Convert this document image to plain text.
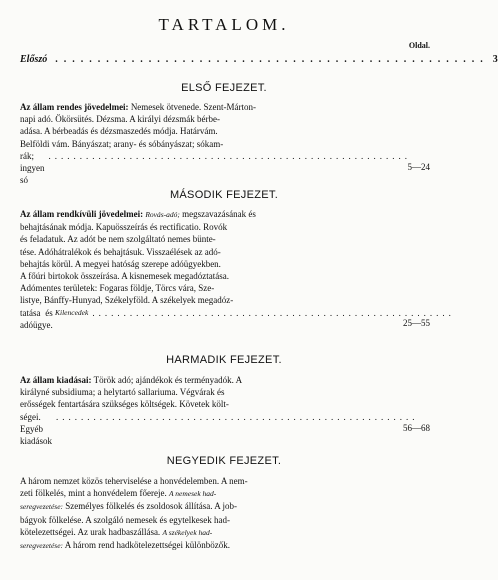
TARTALOM.
Oldal.
Előszó ................................................... 3
ELSŐ FEJEZET.
Az állam rendes jövedelmei: Nemesek ötvenede. Szent-Márton-
napi adó. Ökörsütés. Dézsma. A királyi dézsmák bérbe-
adása. A bérbeadás és dézsmaszedés módja. Határvám.
Belföldi vám. Bányászat; arany- és sóbányászat; sókam-
rák; ingyen só
..........................................................
5—24
MÁSODIK FEJEZET.
Az állam rendkívüli jövedelmei: Rovás-adó; megszavazásának és
behajtásának módja. Kapuösszeírás és rectificatio. Rovók
és feladatuk. Az adót be nem szolgáltató nemes bünte-
tése. Adóhátralékok és behajtásuk. Visszaélések az adó-
behajtás körül. A megyei hatóság szerepe adóügyekben.
A főúri birtokok összeírása. A kisnemesek megadóztatása.
Adómentes területek: Fogaras földje, Törcs vára, Sze-
listye, Bánffy-Hunyad, Székelyföld. A székelyek megadóz-
tatása és adóügye.

Kilencedek ..........................................................
25—55
HARMADIK FEJEZET.
Az állam kiadásai: Török adó; ajándékok és terményadók. A
királyné subsidiuma; a helytartó sallariuma. Végvárak és
erősségek fentartására szükséges költségek. Követek költ-
ségei. Egyéb kiadások
..........................................................
56—68
NEGYEDIK FEJEZET.
A három nemzet közös teherviselése a honvédelemben. A nem-
zeti fölkelés, mint a honvédelem főereje. A nemesek had-
seregvezetése: Személyes fölkelés és zsoldosok állítása. A job-
bágyok fölkelése. A szolgáló nemesek és egytelkesek had-
kötelezettségei. Az urak hadbaszállása. A székelyek had-
seregvezetése: A három rend hadkötelezettségei különbözők.
